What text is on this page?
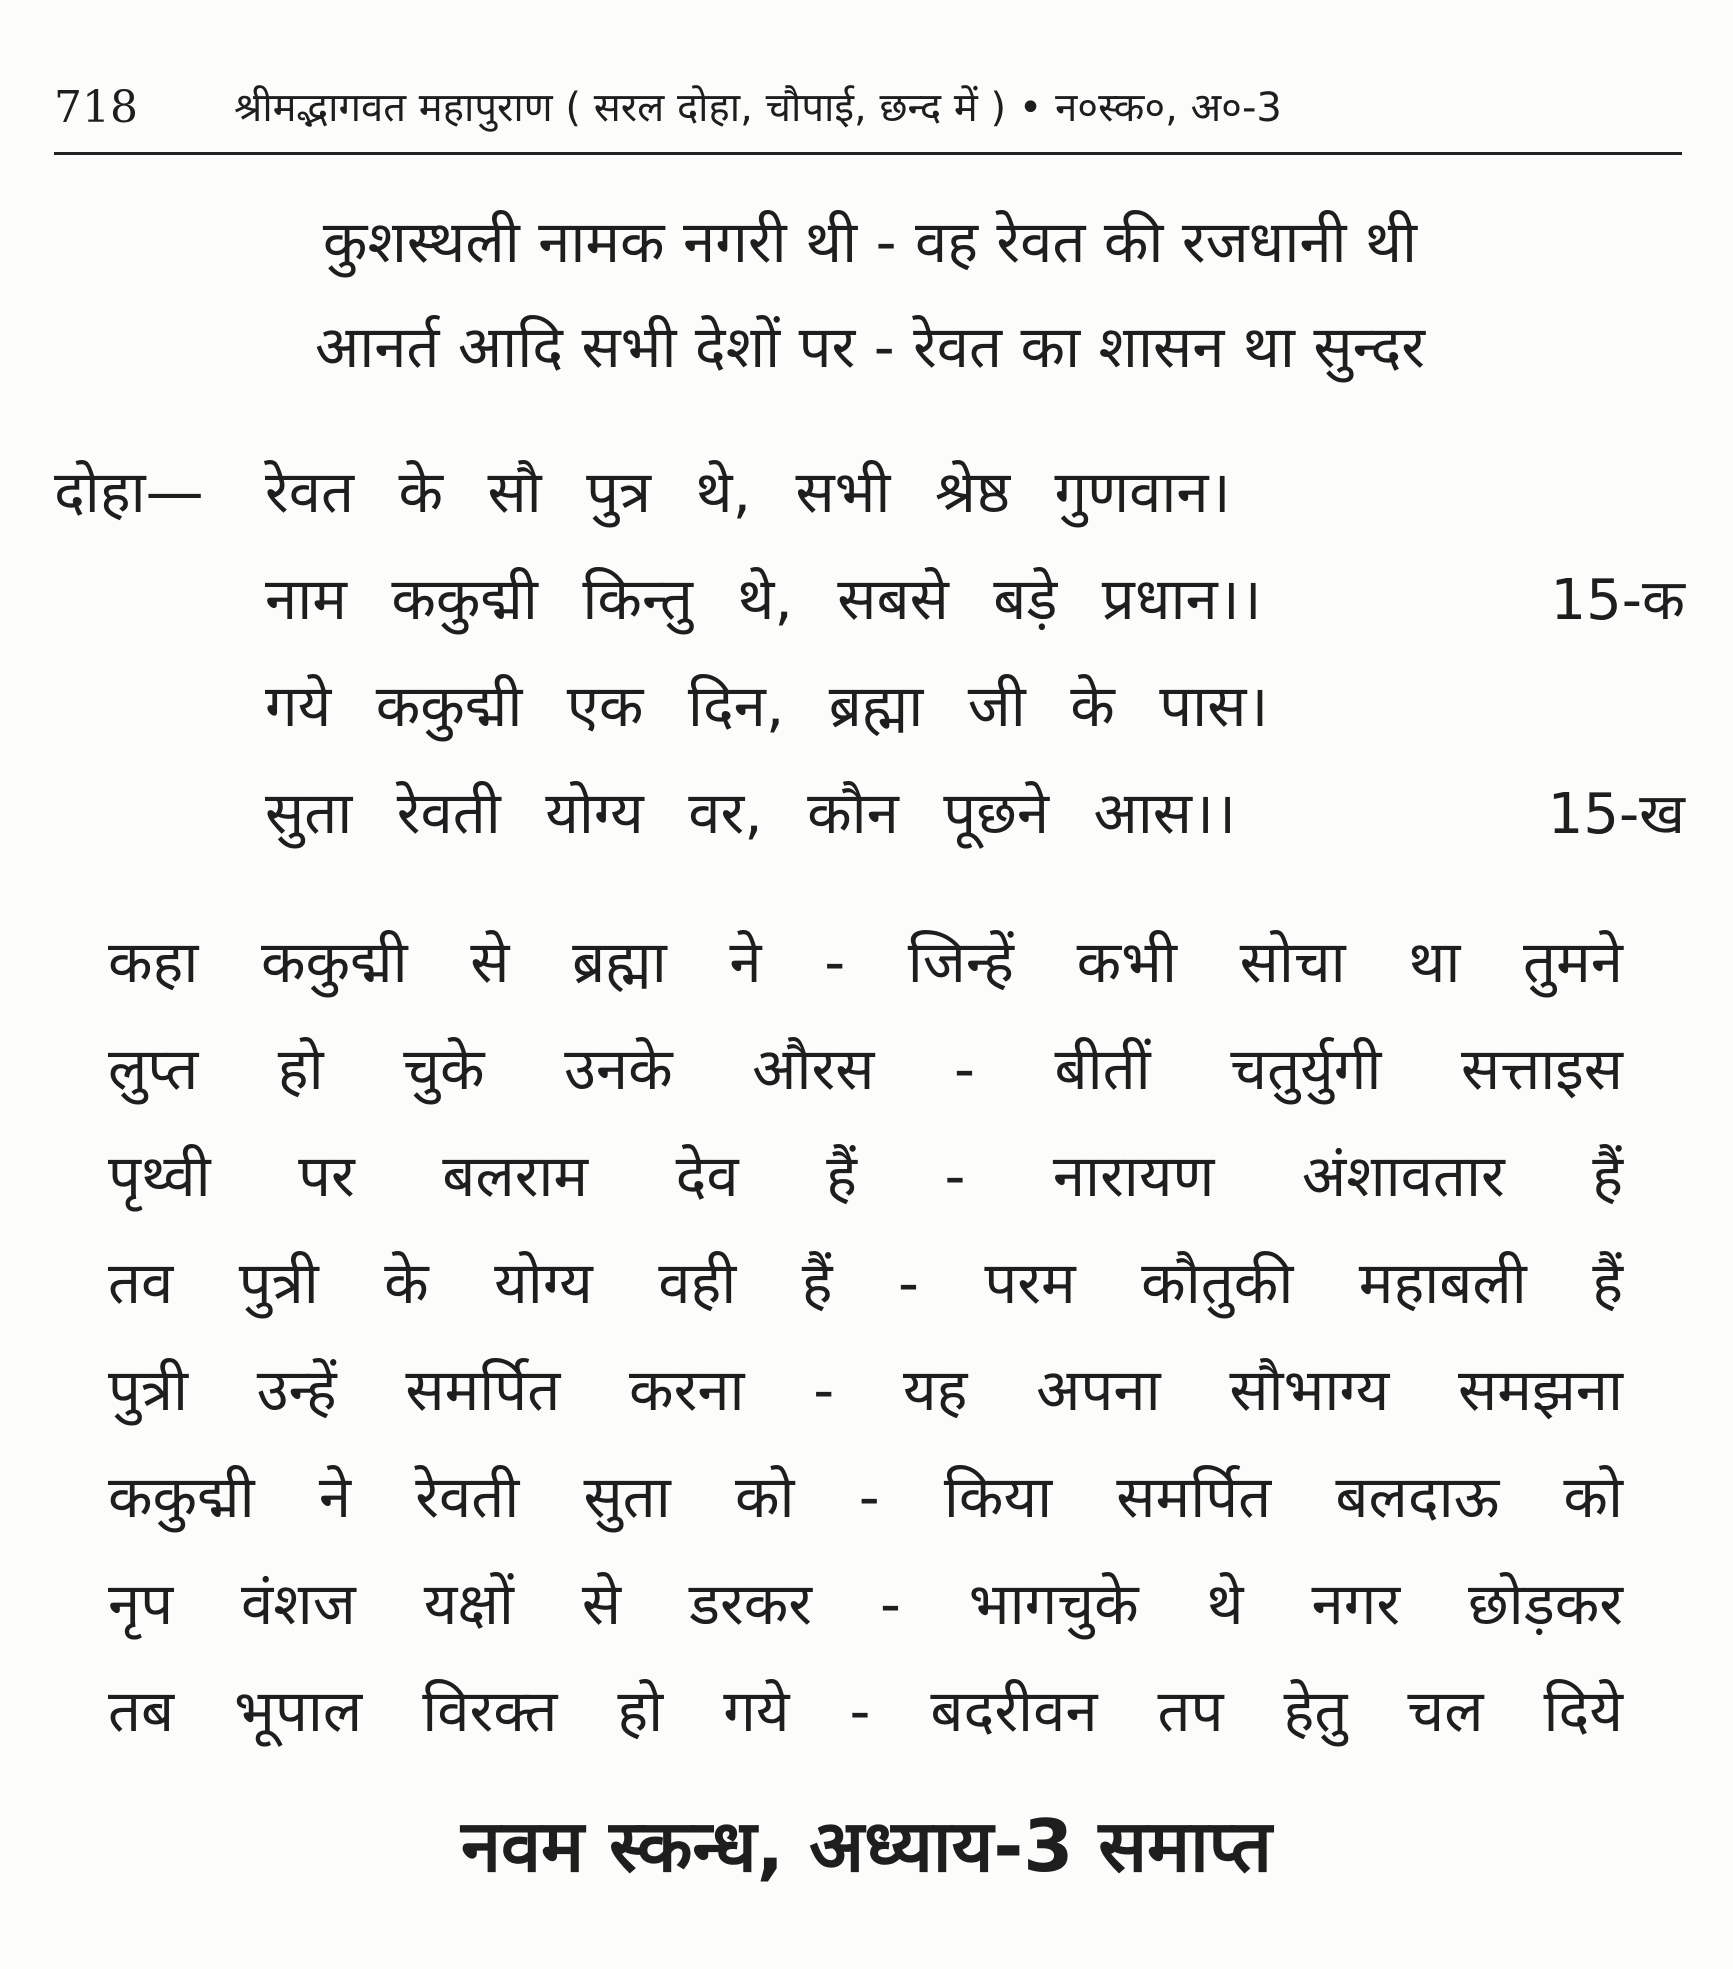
718 श्रीमद्भागवत महापुराण ( सरल दोहा, चौपाई, छन्द में ) • न०स्क०, अ०-3
कुशस्थली नामक नगरी थी - वह रेवत की रजधानी थी
आनर्त आदि सभी देशों पर - रेवत का शासन था सुन्दर
दोहा— रेवत के सौ पुत्र थे, सभी श्रेष्ठ गुणवान।
नाम ककुद्मी किन्तु थे, सबसे बड़े प्रधान।।	15-क
गये ककुद्मी एक दिन, ब्रह्मा जी के पास।
सुता रेवती योग्य वर, कौन पूछने आस।।	15-ख
कहा ककुद्मी से ब्रह्मा ने - जिन्हें कभी सोचा था तुमने
लुप्त हो चुके उनके औरस - बीतीं चतुर्युगी सत्ताइस
पृथ्वी पर बलराम देव हैं - नारायण अंशावतार हैं
तव पुत्री के योग्य वही हैं - परम कौतुकी महाबली हैं
पुत्री उन्हें समर्पित करना - यह अपना सौभाग्य समझना
ककुद्मी ने रेवती सुता को - किया समर्पित बलदाऊ को
नृप वंशज यक्षों से डरकर - भागचुके थे नगर छोड़कर
तब भूपाल विरक्त हो गये - बदरीवन तप हेतु चल दिये
नवम स्कन्ध, अध्याय-3 समाप्त
